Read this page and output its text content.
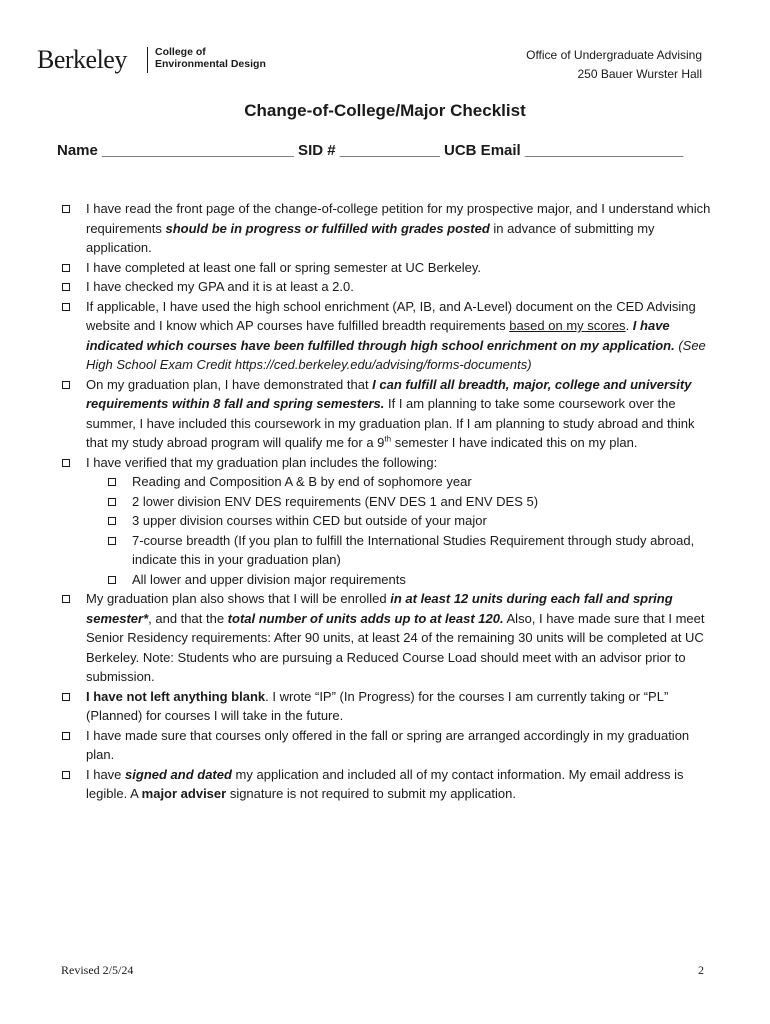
Berkeley	College of
Environmental Design
Office of Undergraduate Advising
250 Bauer Wurster Hall
Change-of-College/Major Checklist
Name _______________________ SID # ____________ UCB Email ___________________
I have read the front page of the change-of-college petition for my prospective major, and I understand which requirements should be in progress or fulfilled with grades posted in advance of submitting my application.
I have completed at least one fall or spring semester at UC Berkeley.
I have checked my GPA and it is at least a 2.0.
If applicable, I have used the high school enrichment (AP, IB, and A-Level) document on the CED Advising website and I know which AP courses have fulfilled breadth requirements based on my scores. I have indicated which courses have been fulfilled through high school enrichment on my application. (See High School Exam Credit https://ced.berkeley.edu/advising/forms-documents)
On my graduation plan, I have demonstrated that I can fulfill all breadth, major, college and university requirements within 8 fall and spring semesters. If I am planning to take some coursework over the summer, I have included this coursework in my graduation plan. If I am planning to study abroad and think that my study abroad program will qualify me for a 9th semester I have indicated this on my plan.
I have verified that my graduation plan includes the following:
Reading and Composition A & B by end of sophomore year
2 lower division ENV DES requirements (ENV DES 1 and ENV DES 5)
3 upper division courses within CED but outside of your major
7-course breadth (If you plan to fulfill the International Studies Requirement through study abroad, indicate this in your graduation plan)
All lower and upper division major requirements
My graduation plan also shows that I will be enrolled in at least 12 units during each fall and spring semester*, and that the total number of units adds up to at least 120. Also, I have made sure that I meet Senior Residency requirements: After 90 units, at least 24 of the remaining 30 units will be completed at UC Berkeley. Note: Students who are pursuing a Reduced Course Load should meet with an advisor prior to submission.
I have not left anything blank. I wrote “IP” (In Progress) for the courses I am currently taking or “PL” (Planned) for courses I will take in the future.
I have made sure that courses only offered in the fall or spring are arranged accordingly in my graduation plan.
I have signed and dated my application and included all of my contact information. My email address is legible. A major adviser signature is not required to submit my application.
Revised 2/5/24	2
